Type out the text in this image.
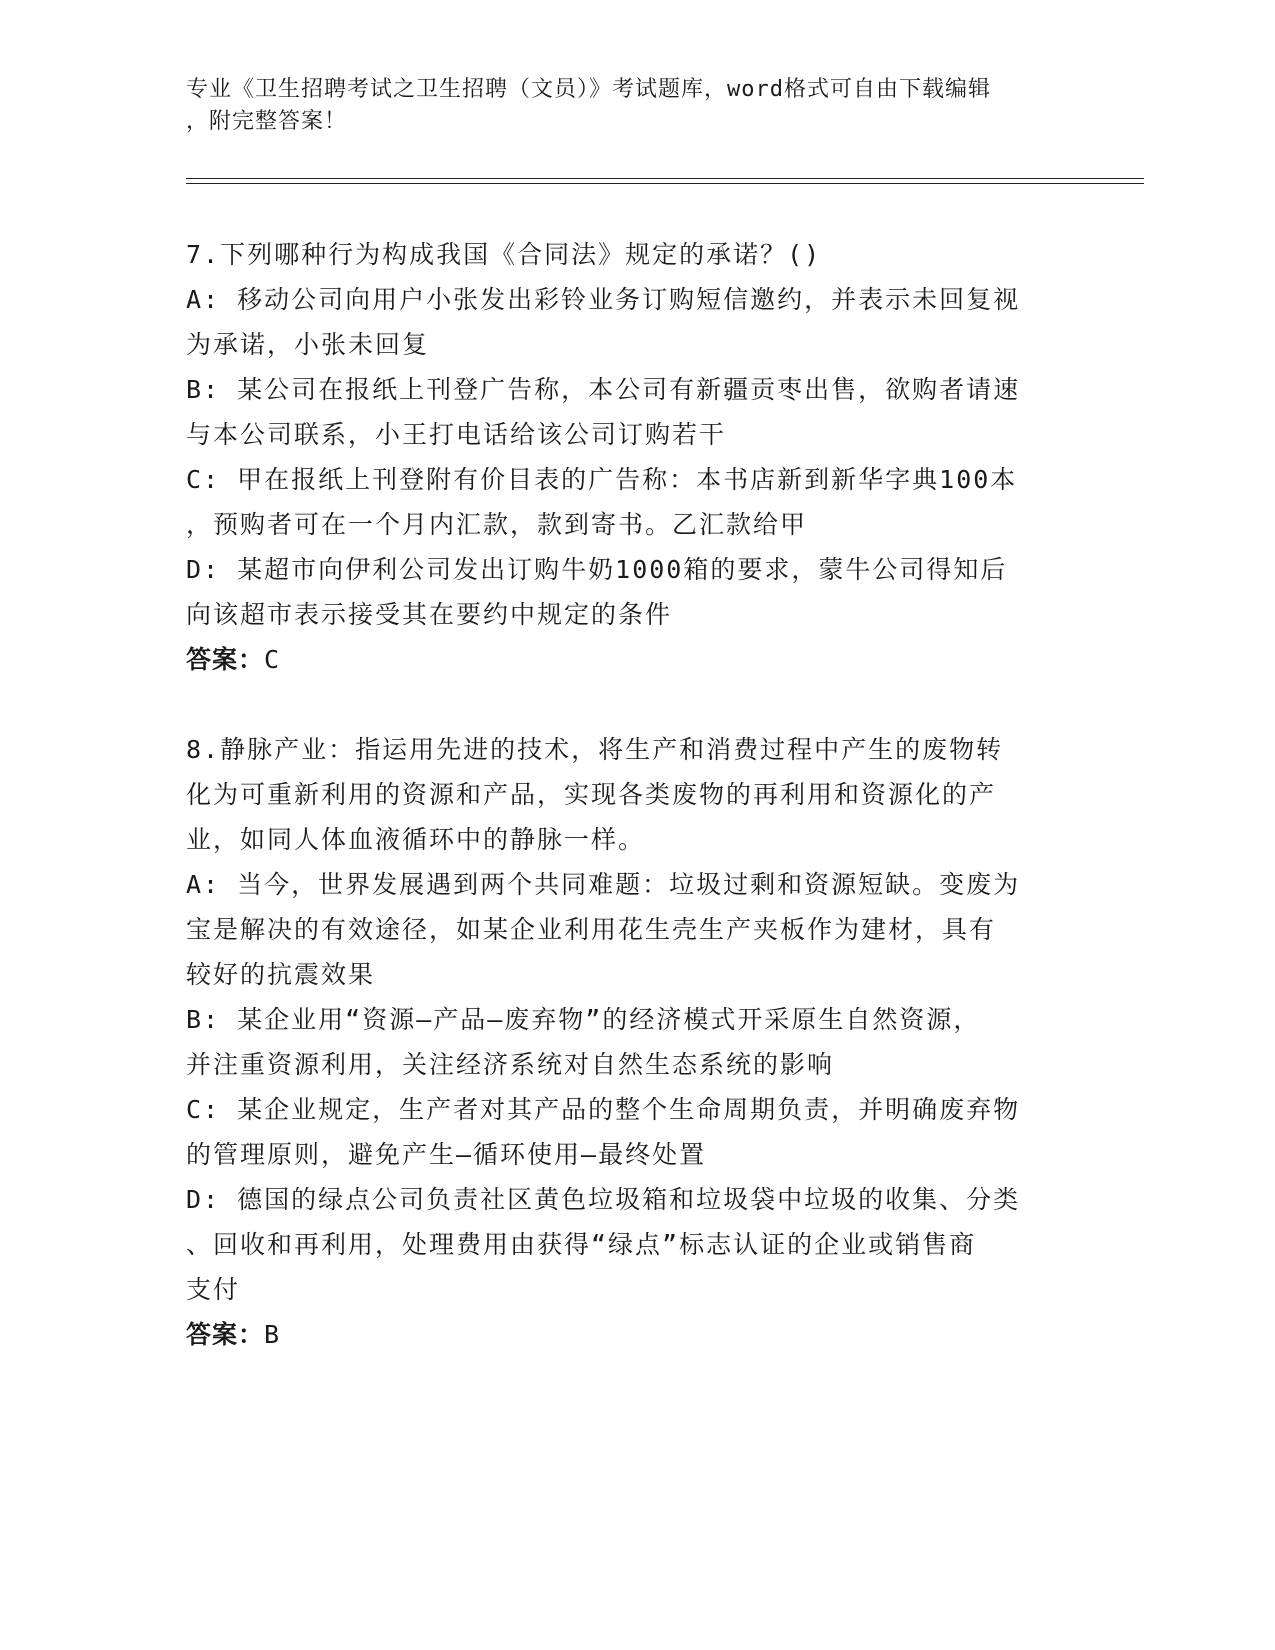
专业《卫生招聘考试之卫生招聘（文员）》考试题库，word格式可自由下载编辑

，附完整答案！

7.下列哪种行为构成我国《合同法》规定的承诺？()

A: 移动公司向用户小张发出彩铃业务订购短信邀约，并表示未回复视

为承诺，小张未回复

B: 某公司在报纸上刊登广告称，本公司有新疆贡枣出售，欲购者请速

与本公司联系，小王打电话给该公司订购若干

C: 甲在报纸上刊登附有价目表的广告称：本书店新到新华字典100本

，预购者可在一个月内汇款，款到寄书。乙汇款给甲

D: 某超市向伊利公司发出订购牛奶1000箱的要求，蒙牛公司得知后

向该超市表示接受其在要约中规定的条件

答案：C

8.静脉产业：指运用先进的技术，将生产和消费过程中产生的废物转

化为可重新利用的资源和产品，实现各类废物的再利用和资源化的产

业，如同人体血液循环中的静脉一样。

A: 当今，世界发展遇到两个共同难题：垃圾过剩和资源短缺。变废为

宝是解决的有效途径，如某企业利用花生壳生产夹板作为建材，具有

较好的抗震效果

B: 某企业用“资源—产品—废弃物”的经济模式开采原生自然资源，

并注重资源利用，关注经济系统对自然生态系统的影响

C: 某企业规定，生产者对其产品的整个生命周期负责，并明确废弃物

的管理原则，避免产生—循环使用—最终处置

D: 德国的绿点公司负责社区黄色垃圾箱和垃圾袋中垃圾的收集、分类

、回收和再利用，处理费用由获得“绿点”标志认证的企业或销售商

支付

答案：B
